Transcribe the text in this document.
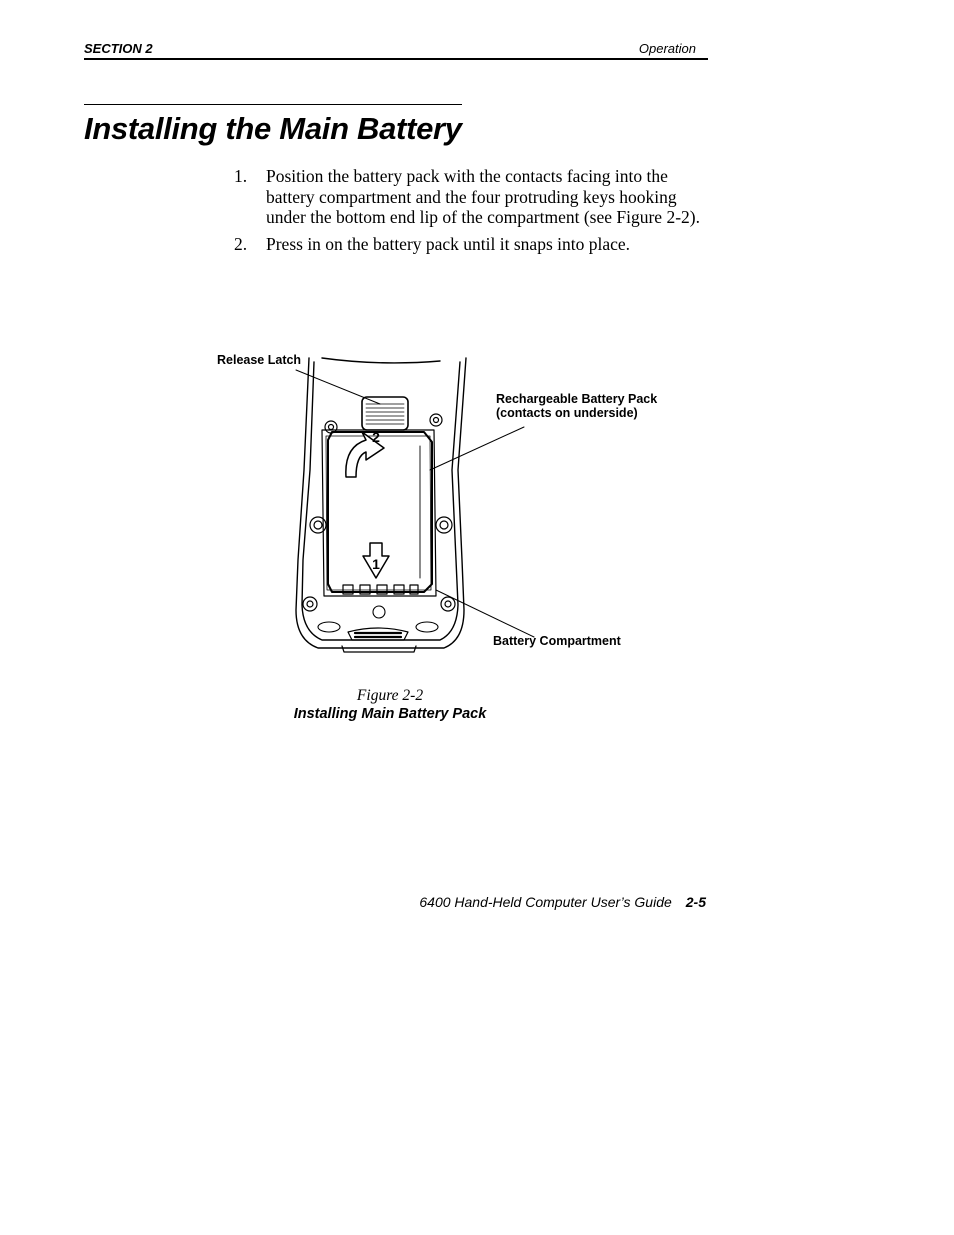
SECTION 2	Operation
Installing the Main Battery
1. Position the battery pack with the contacts facing into the battery compartment and the four protruding keys hooking under the bottom end lip of the compartment (see Figure 2-2).
2. Press in on the battery pack until it snaps into place.
2
1
Release Latch
Rechargeable Battery Pack
(contacts on underside)
Battery Compartment
Figure 2-2
Installing Main Battery Pack
6400 Hand-Held Computer User’s Guide 2-5
